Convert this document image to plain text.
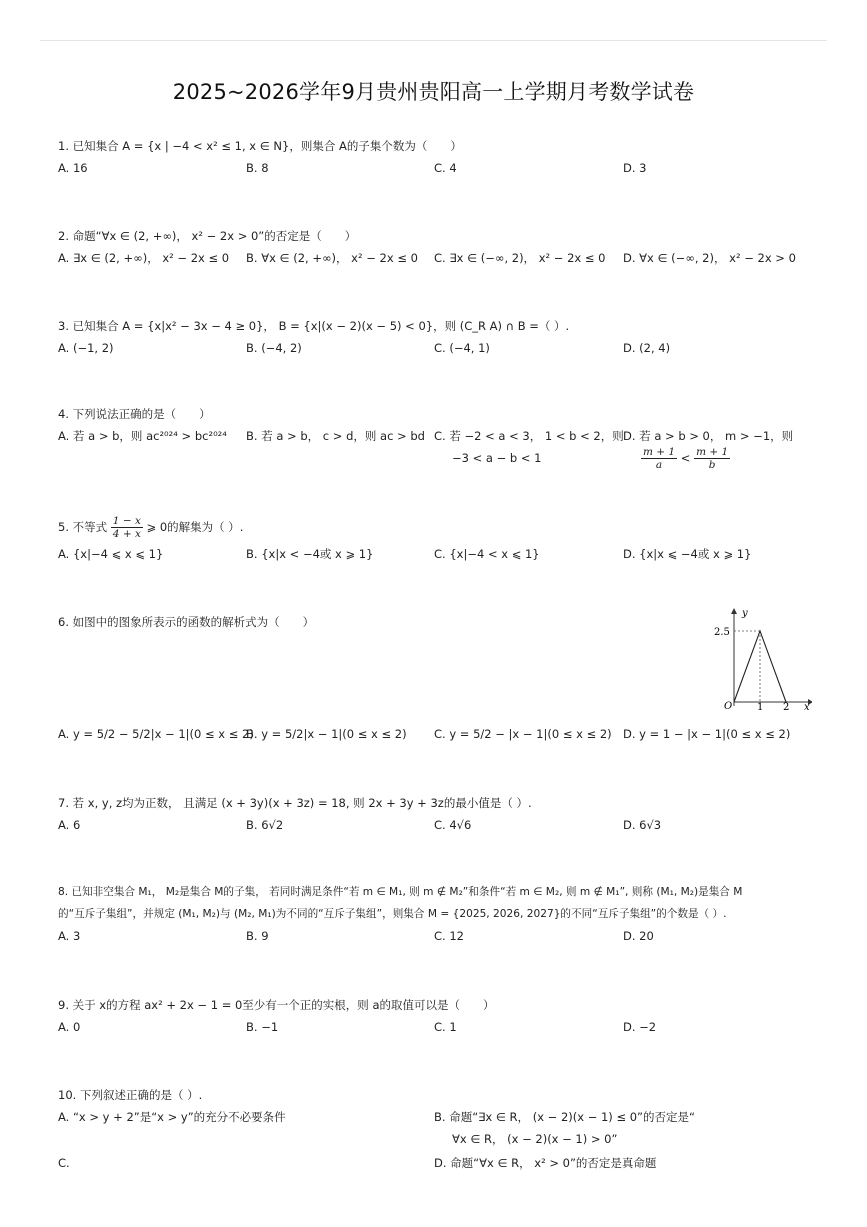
2025~2026学年9月贵州贵阳高一上学期月考数学试卷
1. 已知集合 A = {x | −4 < x² ≤ 1, x ∈ N}，则集合 A的子集个数为（　　）
A. 16	B. 8	C. 4	D. 3
2. 命题“∀x ∈ (2, +∞)， x² − 2x > 0”的否定是（　　）
A. ∃x ∈ (2, +∞)， x² − 2x ≤ 0 B. ∀x ∈ (2, +∞)， x² − 2x ≤ 0 C. ∃x ∈ (−∞, 2)， x² − 2x ≤ 0 D. ∀x ∈ (−∞, 2)， x² − 2x > 0
3. 已知集合 A = {x|x² − 3x − 4 ≥ 0}， B = {x|(x − 2)(x − 5) < 0}，则 (C_R A) ∩ B =（ ）.
A. (−1, 2)	B. (−4, 2)	C. (−4, 1)	D. (2, 4)
4. 下列说法正确的是（　　）
A. 若 a > b，则 ac²⁰²⁴ > bc²⁰²⁴ B. 若 a > b， c > d，则 ac > bd C. 若 −2 < a < 3， 1 < b < 2，则
−3 < a − b < 1
D. 若 a > b > 0， m > −1，则
$\frac{m + 1}{a} < \frac{m + 1}{b}$
5. 不等式 $\frac{1 - x}{4 + x}$ ⩾ 0的解集为（ ）.
A. {x|−4 ⩽ x ⩽ 1}	B. {x|x < −4或 x ⩾ 1}	C. {x|−4 < x ⩽ 1}	D. {x|x ⩽ −4或 x ⩾ 1}
6. 如图中的图象所表示的函数的解析式为（　　）
y
x
O
2.5
1 2
A. y = 5/2 − 5/2|x − 1|(0 ≤ x ≤ 2)
B. y = 5/2|x − 1|(0 ≤ x ≤ 2) C. y = 5/2 − |x − 1|(0 ≤ x ≤ 2) D. y = 1 − |x − 1|(0 ≤ x ≤ 2)
7. 若 x, y, z均为正数， 且满足 (x + 3y)(x + 3z) = 18, 则 2x + 3y + 3z的最小值是（ ）.
A. 6	B. 6√2	C. 4√6	D. 6√3
8. 已知非空集合 M₁， M₂是集合 M的子集， 若同时满足条件“若 m ∈ M₁, 则 m ∉ M₂”和条件“若 m ∈ M₂, 则 m ∉ M₁”, 则称 (M₁, M₂)是集合 M
的“互斥子集组”，并规定 (M₁, M₂)与 (M₂, M₁)为不同的“互斥子集组”，则集合 M = {2025, 2026, 2027}的不同“互斥子集组”的个数是（ ）.
A. 3	B. 9	C. 12	D. 20
9. 关于 x的方程 ax² + 2x − 1 = 0至少有一个正的实根，则 a的取值可以是（　　）
A. 0	B. −1	C. 1	D. −2
10. 下列叙述正确的是（ ）.
A. “x > y + 2”是“x > y”的充分不必要条件	B. 命题“∃x ∈ R， (x − 2)(x − 1) ≤ 0”的否定是“
∀x ∈ R， (x − 2)(x − 1) > 0”
C.	D. 命题“∀x ∈ R， x² > 0”的否定是真命题
